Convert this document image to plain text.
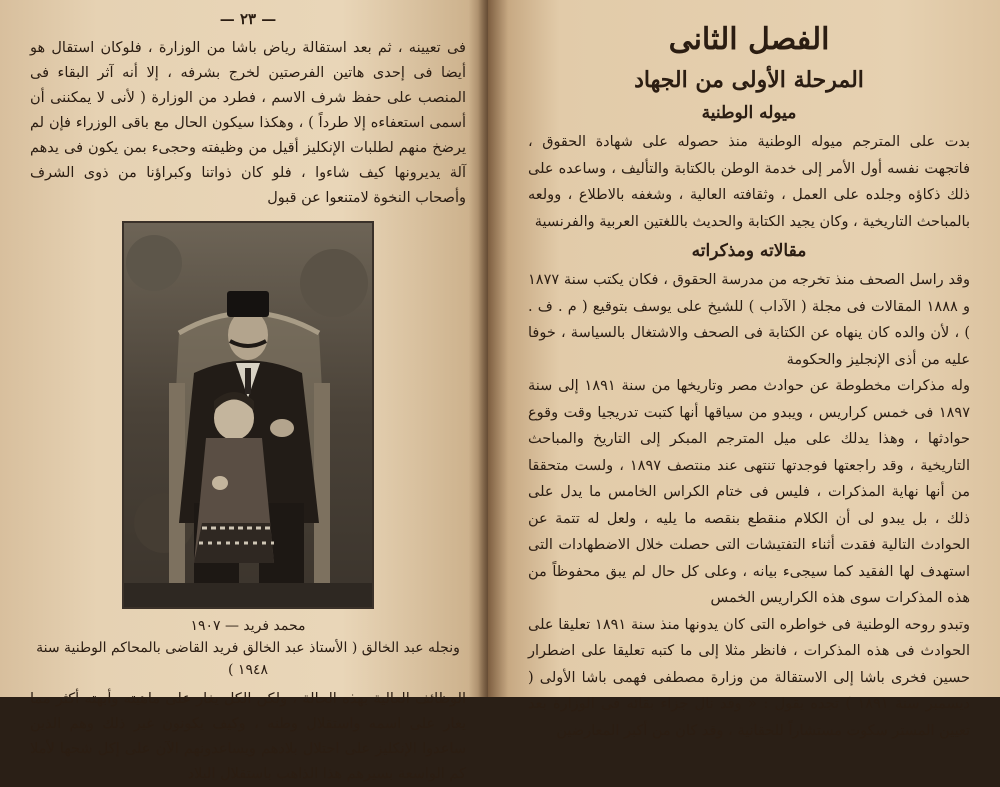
— ٢٣ —

فى تعيينه ، ثم بعد استقالة رياض باشا من الوزارة ، فلوكان استقال هو أيضا فى إحدى هاتين الفرصتين لخرج بشرفه ، إلا أنه آثر البقاء فى المنصب على حفظ شرف الاسم ، فطرد من الوزارة ( لأنى لا يمكننى أن أسمى استعفاءه إلا طرداً ) ، وهكذا سيكون الحال مع باقى الوزراء فإن لم يرضخ منهم لطلبات الإنكليز أقيل من وظيفته وحجىء بمن يكون فى يدهم آلة يديرونها كيف شاءوا ، فلو كان ذواتنا وكبراؤنا من ذوى الشرف وأصحاب النخوة لامتنعوا عن قبول

محمد فريد — ١٩٠٧

ونجله عبد الخالق ( الأستاذ عبد الخالق فريد القاضى بالمحاكم الوطنية سنة ١٩٤٨ )

الوظائف العالية بهذه الحالة ، ولكن الكل يغار على ماهيته وأبهته أكثر مما يغار على اسمه واستقلال وطنه ، وكيف يكونون غير ذلك وهم الذين ساعدوا الإنكليز على احتلال بلادهم ويساعدونهم الآن على إكل شحها لأملا كم الواسعة بسيرهم هذا الذاهب باستقلال البلاد

الفصل الثانى
المرحلة الأولى من الجهاد
ميوله الوطنية

بدت على المترجم ميوله الوطنية منذ حصوله على شهادة الحقوق ، فاتجهت نفسه أول الأمر إلى خدمة الوطن بالكتابة والتأليف ، وساعده على ذلك ذكاؤه وجلده على العمل ، وثقافته العالية ، وشغفه بالاطلاع ، وولعه بالمباحث التاريخية ، وكان يجيد الكتابة والحديث باللغتين العربية والفرنسية

مقالاته ومذكراته

وقد راسل الصحف منذ تخرجه من مدرسة الحقوق ، فكان يكتب سنة ١٨٧٧ و ١٨٨٨ المقالات فى مجلة ( الآداب ) للشيخ على يوسف بتوقيع ( م . ف . ) ، لأن والده كان ينهاه عن الكتابة فى الصحف والاشتغال بالسياسة ، خوفا عليه من أذى الإنجليز والحكومة

وله مذكرات مخطوطة عن حوادث مصر وتاريخها من سنة ١٨٩١ إلى سنة ١٨٩٧ فى خمس كراريس ، ويبدو من سياقها أنها كتبت تدريجيا وقت وقوع حوادثها ، وهذا يدلك على ميل المترجم المبكر إلى التاريخ والمباحث التاريخية ، وقد راجعتها فوجدتها تنتهى عند منتصف ١٨٩٧ ، ولست متحققا من أنها نهاية المذكرات ، فليس فى ختام الكراس الخامس ما يدل على ذلك ، بل يبدو لى أن الكلام منقطع بنقصه ما يليه ، ولعل له تتمة عن الحوادث التالية فقدت أثناء التفتيشات التى حصلت خلال الاضطهادات التى استهدف لها الفقيد كما سيجىء بيانه ، وعلى كل حال لم يبق محفوظاً من هذه المذكرات سوى هذه الكراريس الخمس

وتبدو روحه الوطنية فى خواطره التى كان يدونها منذ سنة ١٨٩١ تعليقا على الحوادث فى هذه المذكرات ، فانظر مثلا إلى ما كتبه تعليقا على اضطرار حسين فخرى باشا إلى الاستقالة من وزارة مصطفى فهمى باشا الأولى ( ديسمبر سنة ١٨٩١ ) تجده يقول : « وقد نال جزاء بقائه فى الوزارة بعد تعيين المستر سكوت مستشاراً للحقانية ، وقد كان من أكبر المعارضين
